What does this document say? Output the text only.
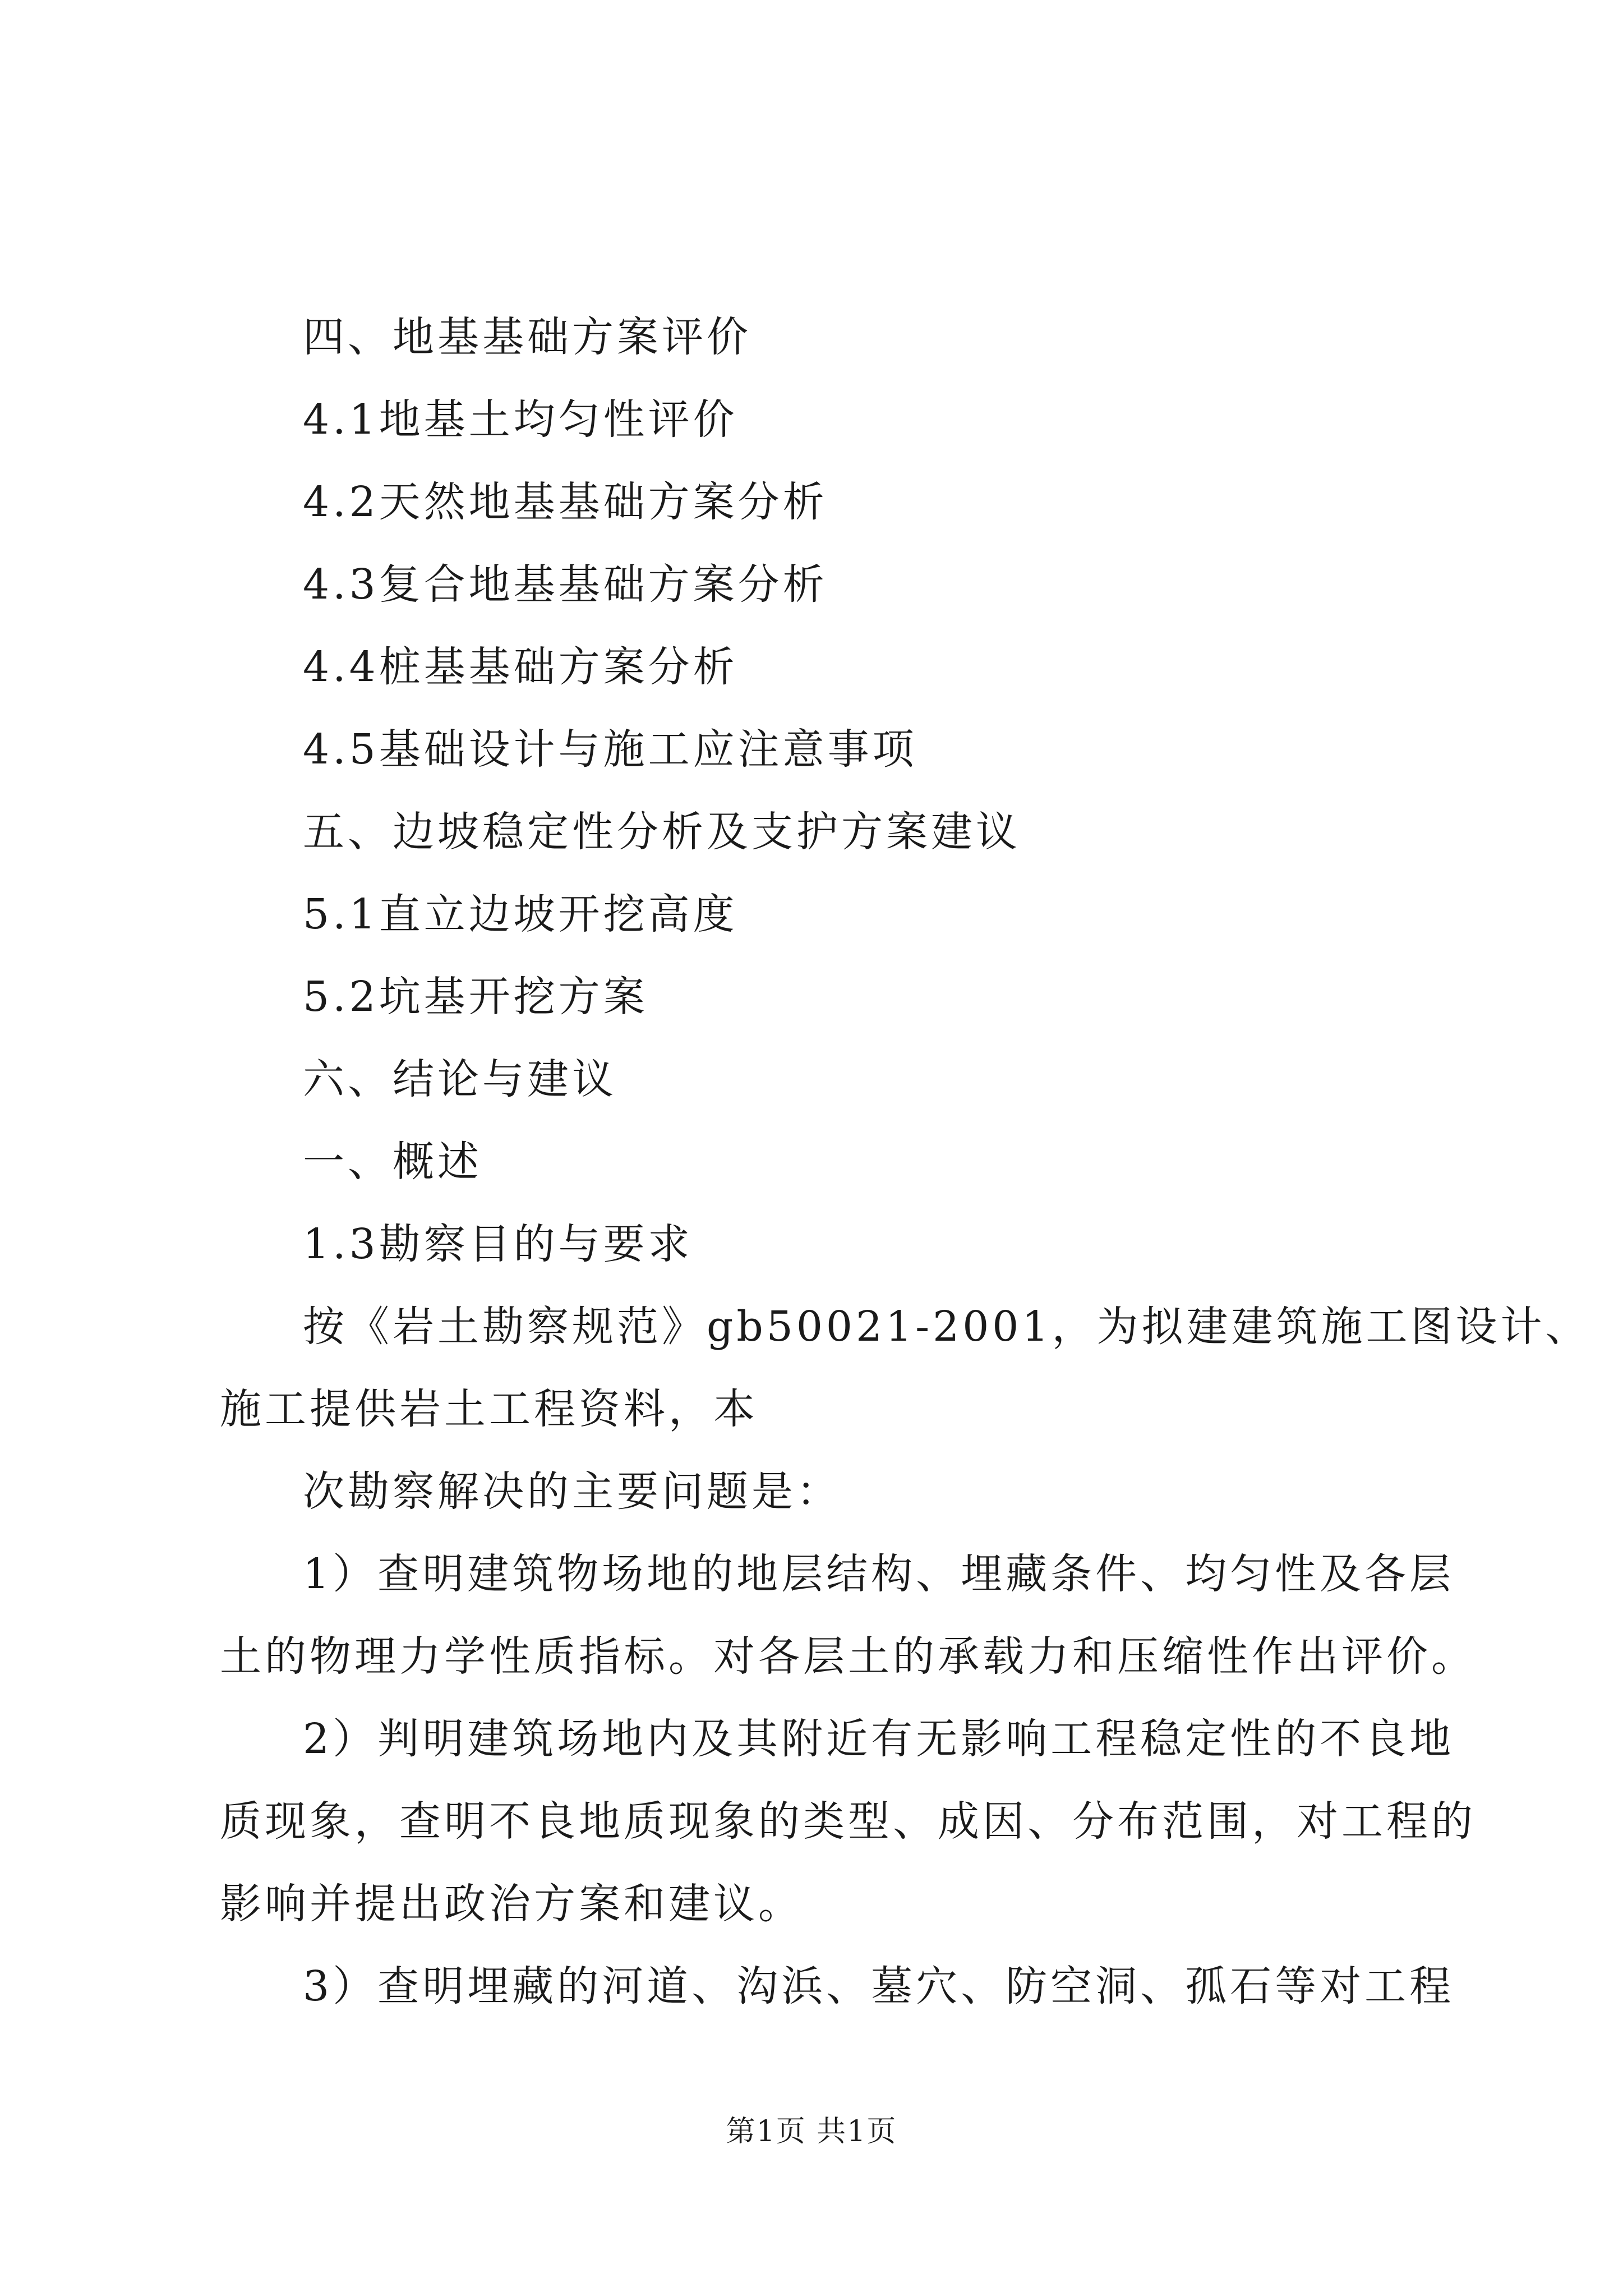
四、地基基础方案评价
4.1地基土均匀性评价
4.2天然地基基础方案分析
4.3复合地基基础方案分析
4.4桩基基础方案分析
4.5基础设计与施工应注意事项
五、边坡稳定性分析及支护方案建议
5.1直立边坡开挖高度
5.2坑基开挖方案
六、结论与建议
一、概述
1.3勘察目的与要求
按《岩土勘察规范》gb50021-2001，为拟建建筑施工图设计、
施工提供岩土工程资料，本
次勘察解决的主要问题是：
1）查明建筑物场地的地层结构、埋藏条件、均匀性及各层
土的物理力学性质指标。对各层土的承载力和压缩性作出评价。
2）判明建筑场地内及其附近有无影响工程稳定性的不良地
质现象，查明不良地质现象的类型、成因、分布范围，对工程的
影响并提出政治方案和建议。
3）查明埋藏的河道、沟浜、墓穴、防空洞、孤石等对工程
第1页 共1页
